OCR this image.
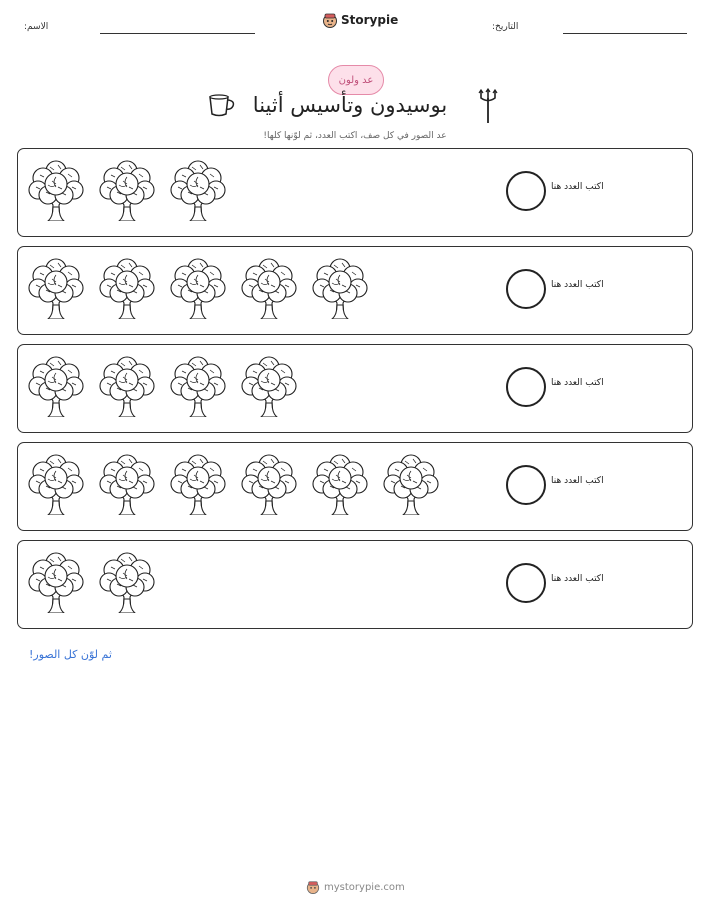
الاسم:	Storypie	التاريخ:
عد ولون
بوسيدون وتأسيس أثينا
عد الصور في كل صف، اكتب العدد، ثم لوّنها كلها!
اكتب العدد هنا
اكتب العدد هنا
اكتب العدد هنا
اكتب العدد هنا
اكتب العدد هنا
ثم لوّن كل الصور!
mystorypie.com
